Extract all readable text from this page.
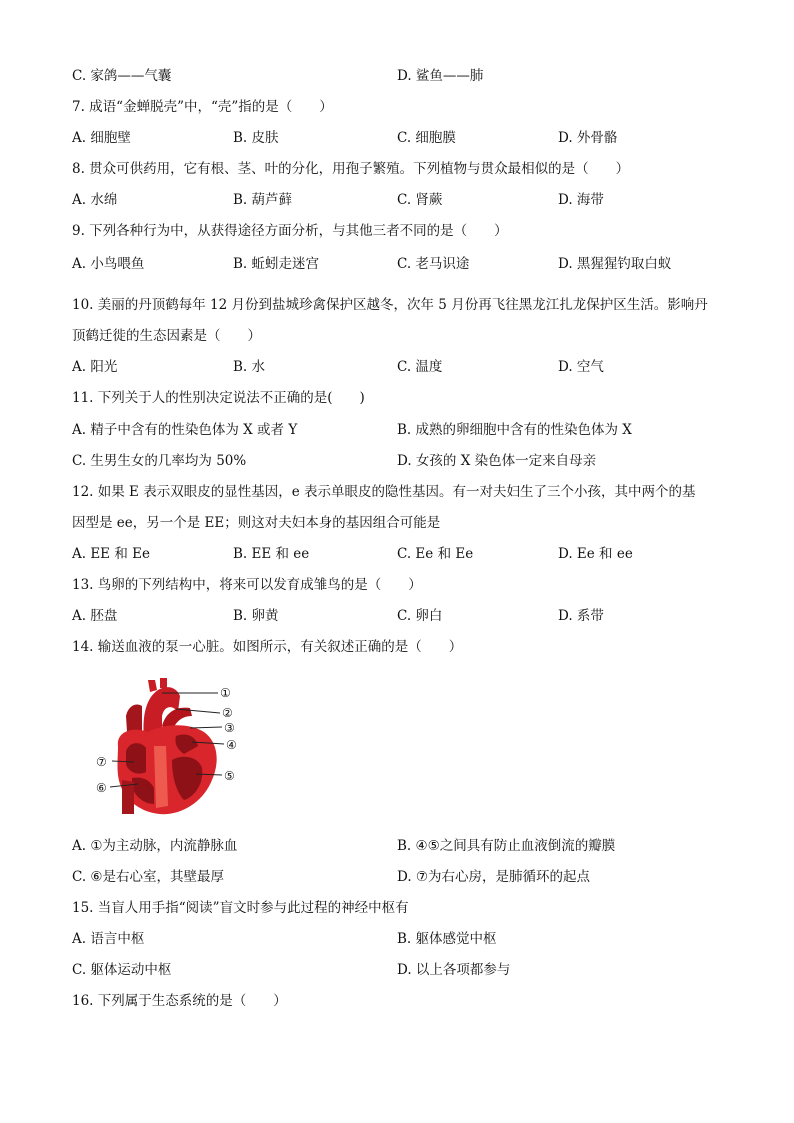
C. 家鸽——气囊	D. 鲨鱼——肺
7. 成语“金蝉脱壳”中，“壳”指的是（　　）
A. 细胞壁	B. 皮肤	C. 细胞膜	D. 外骨骼
8. 贯众可供药用，它有根、茎、叶的分化，用孢子繁殖。下列植物与贯众最相似的是（　　）
A. 水绵	B. 葫芦藓	C. 肾蕨	D. 海带
9. 下列各种行为中，从获得途径方面分析，与其他三者不同的是（　　）
A. 小鸟喂鱼	B. 蚯蚓走迷宫	C. 老马识途	D. 黑猩猩钓取白蚁
10. 美丽的丹顶鹤每年 12 月份到盐城珍禽保护区越冬，次年 5 月份再飞往黑龙江扎龙保护区生活。影响丹
顶鹤迁徙的生态因素是（　　）
A. 阳光	B. 水	C. 温度	D. 空气
11. 下列关于人的性别决定说法不正确的是(　　)
A. 精子中含有的性染色体为 X 或者 Y	B. 成熟的卵细胞中含有的性染色体为 X
C. 生男生女的几率均为 50%	D. 女孩的 X 染色体一定来自母亲
12. 如果 E 表示双眼皮的显性基因，e 表示单眼皮的隐性基因。有一对夫妇生了三个小孩，其中两个的基
因型是 ee，另一个是 EE；则这对夫妇本身的基因组合可能是
A. EE 和 Ee	B. EE 和 ee	C. Ee 和 Ee	D. Ee 和 ee
13. 鸟卵的下列结构中，将来可以发育成雏鸟的是（　　）
A. 胚盘	B. 卵黄	C. 卵白	D. 系带
14. 输送血液的泵一心脏。如图所示，有关叙述正确的是（　　）
A. ①为主动脉，内流静脉血	B. ④⑤之间具有防止血液倒流的瓣膜
C. ⑥是右心室，其壁最厚	D. ⑦为右心房，是肺循环的起点
15. 当盲人用手指“阅读”盲文时参与此过程的神经中枢有
A. 语言中枢	B. 躯体感觉中枢
C. 躯体运动中枢	D. 以上各项都参与
16. 下列属于生态系统的是（　　）
①
②
③
④
⑤
⑥
⑦
